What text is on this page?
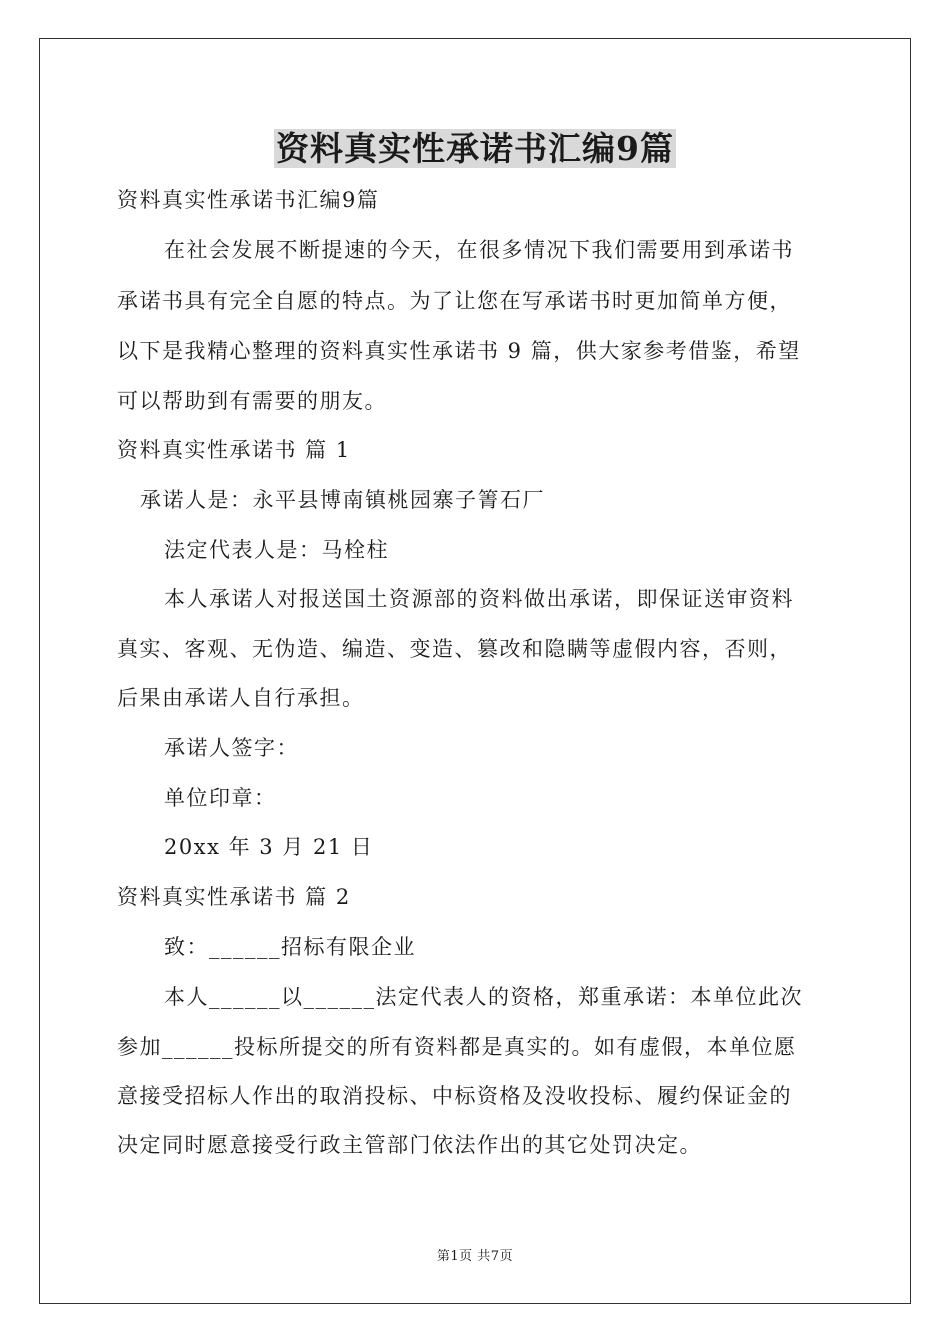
资料真实性承诺书汇编9篇
资料真实性承诺书汇编9篇
在社会发展不断提速的今天，在很多情况下我们需要用到承诺书
承诺书具有完全自愿的特点。为了让您在写承诺书时更加简单方便，
以下是我精心整理的资料真实性承诺书 9 篇，供大家参考借鉴，希望
可以帮助到有需要的朋友。
资料真实性承诺书 篇 1
承诺人是：永平县博南镇桃园寨子箐石厂
法定代表人是：马栓柱
本人承诺人对报送国土资源部的资料做出承诺，即保证送审资料
真实、客观、无伪造、编造、变造、篡改和隐瞒等虚假内容，否则，
后果由承诺人自行承担。
承诺人签字：
单位印章：
20xx 年 3 月 21 日
资料真实性承诺书 篇 2
致：______招标有限企业
本人______以______法定代表人的资格，郑重承诺：本单位此次
参加______投标所提交的所有资料都是真实的。如有虚假，本单位愿
意接受招标人作出的取消投标、中标资格及没收投标、履约保证金的
决定同时愿意接受行政主管部门依法作出的其它处罚决定。
第1页 共7页
